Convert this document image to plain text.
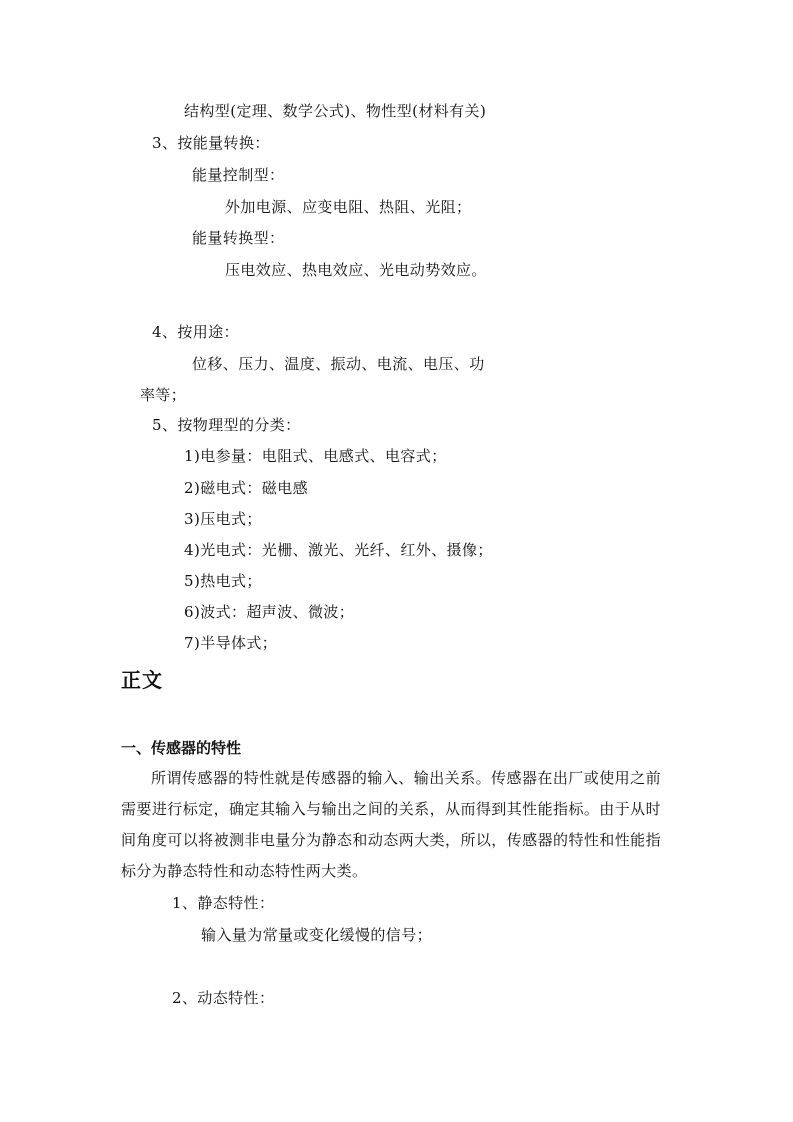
结构型(定理、数学公式)、物性型(材料有关)
3、按能量转换：
能量控制型：
外加电源、应变电阻、热阻、光阻；
能量转换型：
压电效应、热电效应、光电动势效应。
4、按用途：
位移、压力、温度、振动、电流、电压、功
率等；
5、按物理型的分类：
1)电参量：电阻式、电感式、电容式；
2)磁电式：磁电感
3)压电式；
4)光电式：光栅、激光、光纤、红外、摄像；
5)热电式；
6)波式：超声波、微波；
7)半导体式；
正文
一、传感器的特性
所谓传感器的特性就是传感器的输入、输出关系。传感器在出厂或使用之前需要进行标定，确定其输入与输出之间的关系，从而得到其性能指标。由于从时间角度可以将被测非电量分为静态和动态两大类，所以，传感器的特性和性能指标分为静态特性和动态特性两大类。
1、静态特性：
输入量为常量或变化缓慢的信号；
2、动态特性：
